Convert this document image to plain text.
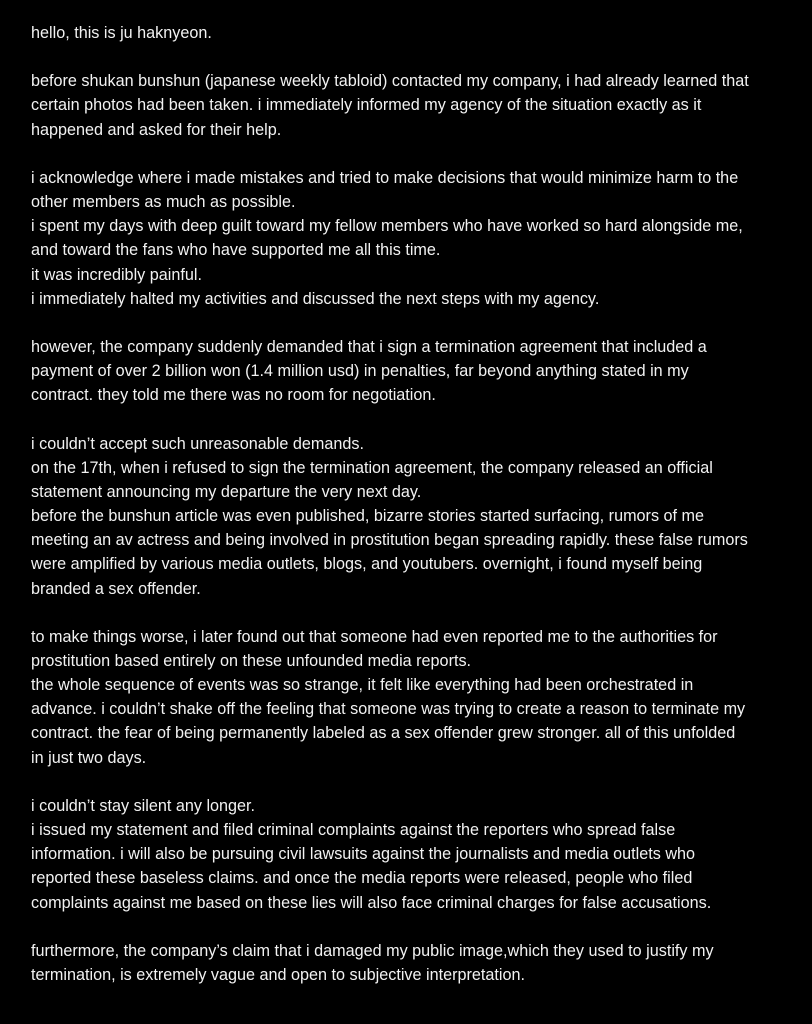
hello, this is ju haknyeon.
before shukan bunshun (japanese weekly tabloid) contacted my company, i had already learned that
certain photos had been taken. i immediately informed my agency of the situation exactly as it
happened and asked for their help.
i acknowledge where i made mistakes and tried to make decisions that would minimize harm to the
other members as much as possible.
i spent my days with deep guilt toward my fellow members who have worked so hard alongside me,
and toward the fans who have supported me all this time.
it was incredibly painful.
i immediately halted my activities and discussed the next steps with my agency.
however, the company suddenly demanded that i sign a termination agreement that included a
payment of over 2 billion won (1.4 million usd) in penalties, far beyond anything stated in my
contract. they told me there was no room for negotiation.
i couldn’t accept such unreasonable demands.
on the 17th, when i refused to sign the termination agreement, the company released an official
statement announcing my departure the very next day.
before the bunshun article was even published, bizarre stories started surfacing, rumors of me
meeting an av actress and being involved in prostitution began spreading rapidly. these false rumors
were amplified by various media outlets, blogs, and youtubers. overnight, i found myself being
branded a sex offender.
to make things worse, i later found out that someone had even reported me to the authorities for
prostitution based entirely on these unfounded media reports.
the whole sequence of events was so strange, it felt like everything had been orchestrated in
advance. i couldn’t shake off the feeling that someone was trying to create a reason to terminate my
contract. the fear of being permanently labeled as a sex offender grew stronger. all of this unfolded
in just two days.
i couldn’t stay silent any longer.
i issued my statement and filed criminal complaints against the reporters who spread false
information. i will also be pursuing civil lawsuits against the journalists and media outlets who
reported these baseless claims. and once the media reports were released, people who filed
complaints against me based on these lies will also face criminal charges for false accusations.
furthermore, the company’s claim that i damaged my public image,which they used to justify my
termination, is extremely vague and open to subjective interpretation.
